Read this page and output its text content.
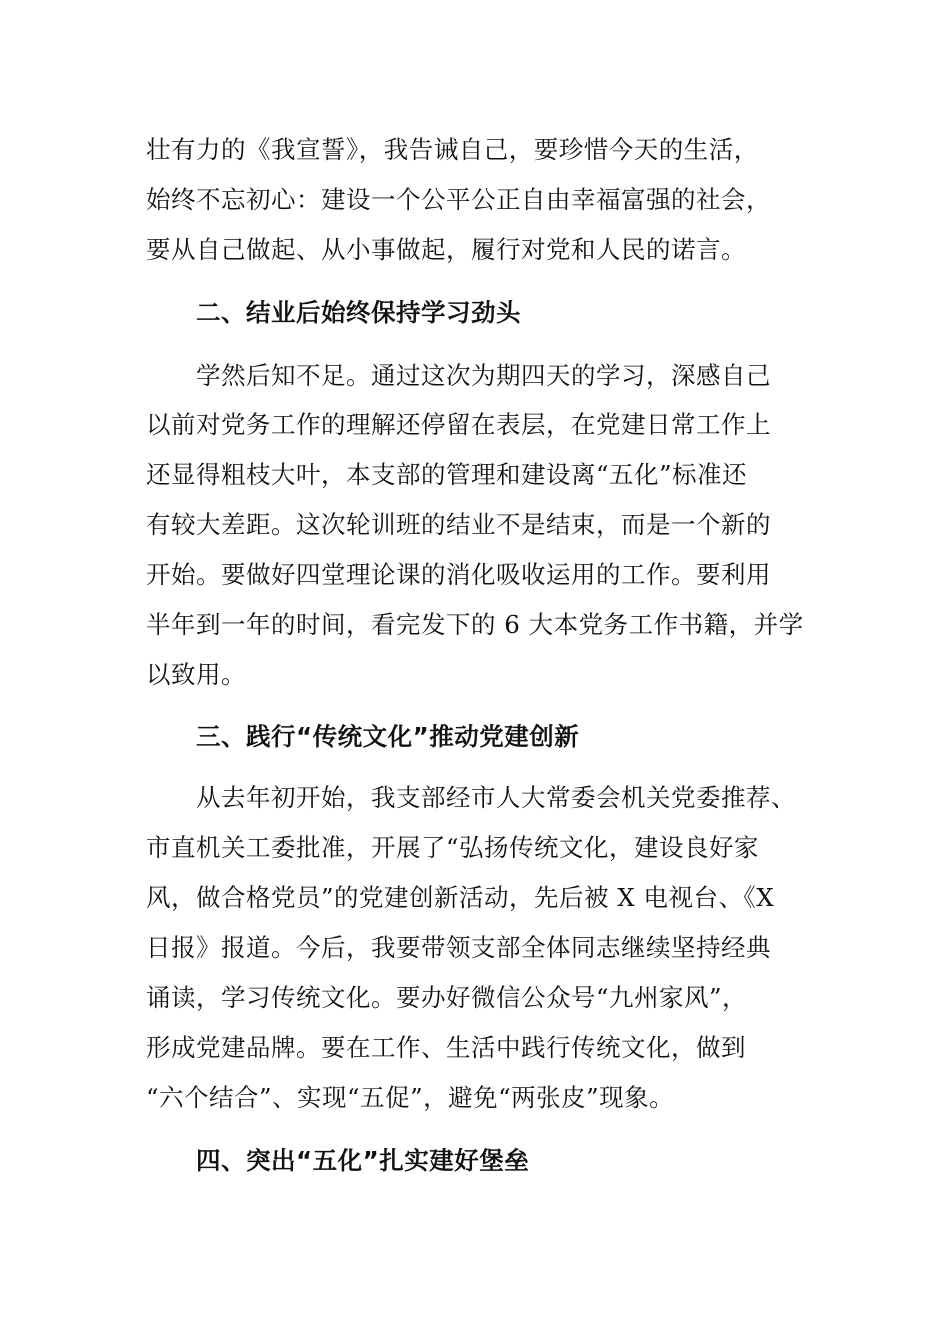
壮有力的《我宣誓》，我告诫自己，要珍惜今天的生活，
始终不忘初心：建设一个公平公正自由幸福富强的社会，
要从自己做起、从小事做起，履行对党和人民的诺言。
二、结业后始终保持学习劲头
学然后知不足。通过这次为期四天的学习，深感自己
以前对党务工作的理解还停留在表层，在党建日常工作上
还显得粗枝大叶，本支部的管理和建设离“五化”标准还
有较大差距。这次轮训班的结业不是结束，而是一个新的
开始。要做好四堂理论课的消化吸收运用的工作。要利用
半年到一年的时间，看完发下的 6 大本党务工作书籍，并学
以致用。
三、践行“传统文化”推动党建创新
从去年初开始，我支部经市人大常委会机关党委推荐、
市直机关工委批准，开展了“弘扬传统文化，建设良好家
风，做合格党员”的党建创新活动，先后被 X 电视台、《X
日报》报道。今后，我要带领支部全体同志继续坚持经典
诵读，学习传统文化。要办好微信公众号“九州家风”，
形成党建品牌。要在工作、生活中践行传统文化，做到
“六个结合”、实现“五促”，避免“两张皮”现象。
四、突出“五化”扎实建好堡垒
